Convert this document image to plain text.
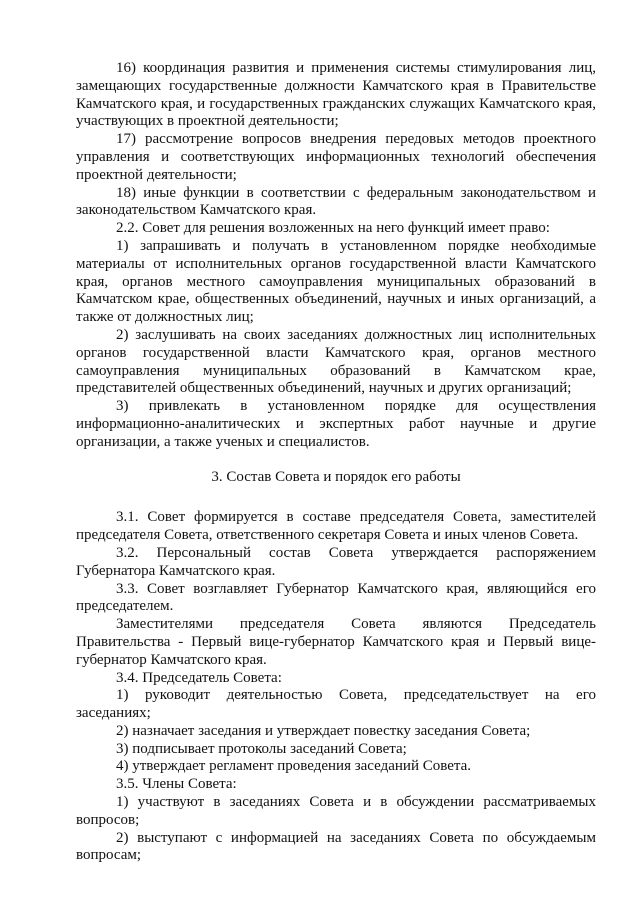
16) координация развития и применения системы стимулирования лиц, замещающих государственные должности Камчатского края в Правительстве Камчатского края, и государственных гражданских служащих Камчатского края, участвующих в проектной деятельности;

17) рассмотрение вопросов внедрения передовых методов проектного управления и соответствующих информационных технологий обеспечения проектной деятельности;

18) иные функции в соответствии с федеральным законодательством и законодательством Камчатского края.

2.2. Совет для решения возложенных на него функций имеет право:

1) запрашивать и получать в установленном порядке необходимые материалы от исполнительных органов государственной власти Камчатского края, органов местного самоуправления муниципальных образований в Камчатском крае, общественных объединений, научных и иных организаций, а также от должностных лиц;

2) заслушивать на своих заседаниях должностных лиц исполнительных органов государственной власти Камчатского края, органов местного самоуправления муниципальных образований в Камчатском крае, представителей общественных объединений, научных и других организаций;

3) привлекать в установленном порядке для осуществления информационно-аналитических и экспертных работ научные и другие организации, а также ученых и специалистов.

3. Состав Совета и порядок его работы

3.1. Совет формируется в составе председателя Совета, заместителей председателя Совета, ответственного секретаря Совета и иных членов Совета.

3.2. Персональный состав Совета утверждается распоряжением Губернатора Камчатского края.

3.3. Совет возглавляет Губернатор Камчатского края, являющийся его председателем.

Заместителями председателя Совета являются Председатель Правительства - Первый вице-губернатор Камчатского края и Первый вице-губернатор Камчатского края.

3.4. Председатель Совета:

1) руководит деятельностью Совета, председательствует на его заседаниях;

2) назначает заседания и утверждает повестку заседания Совета;

3) подписывает протоколы заседаний Совета;

4) утверждает регламент проведения заседаний Совета.

3.5. Члены Совета:

1) участвуют в заседаниях Совета и в обсуждении рассматриваемых вопросов;

2) выступают с информацией на заседаниях Совета по обсуждаемым вопросам;
